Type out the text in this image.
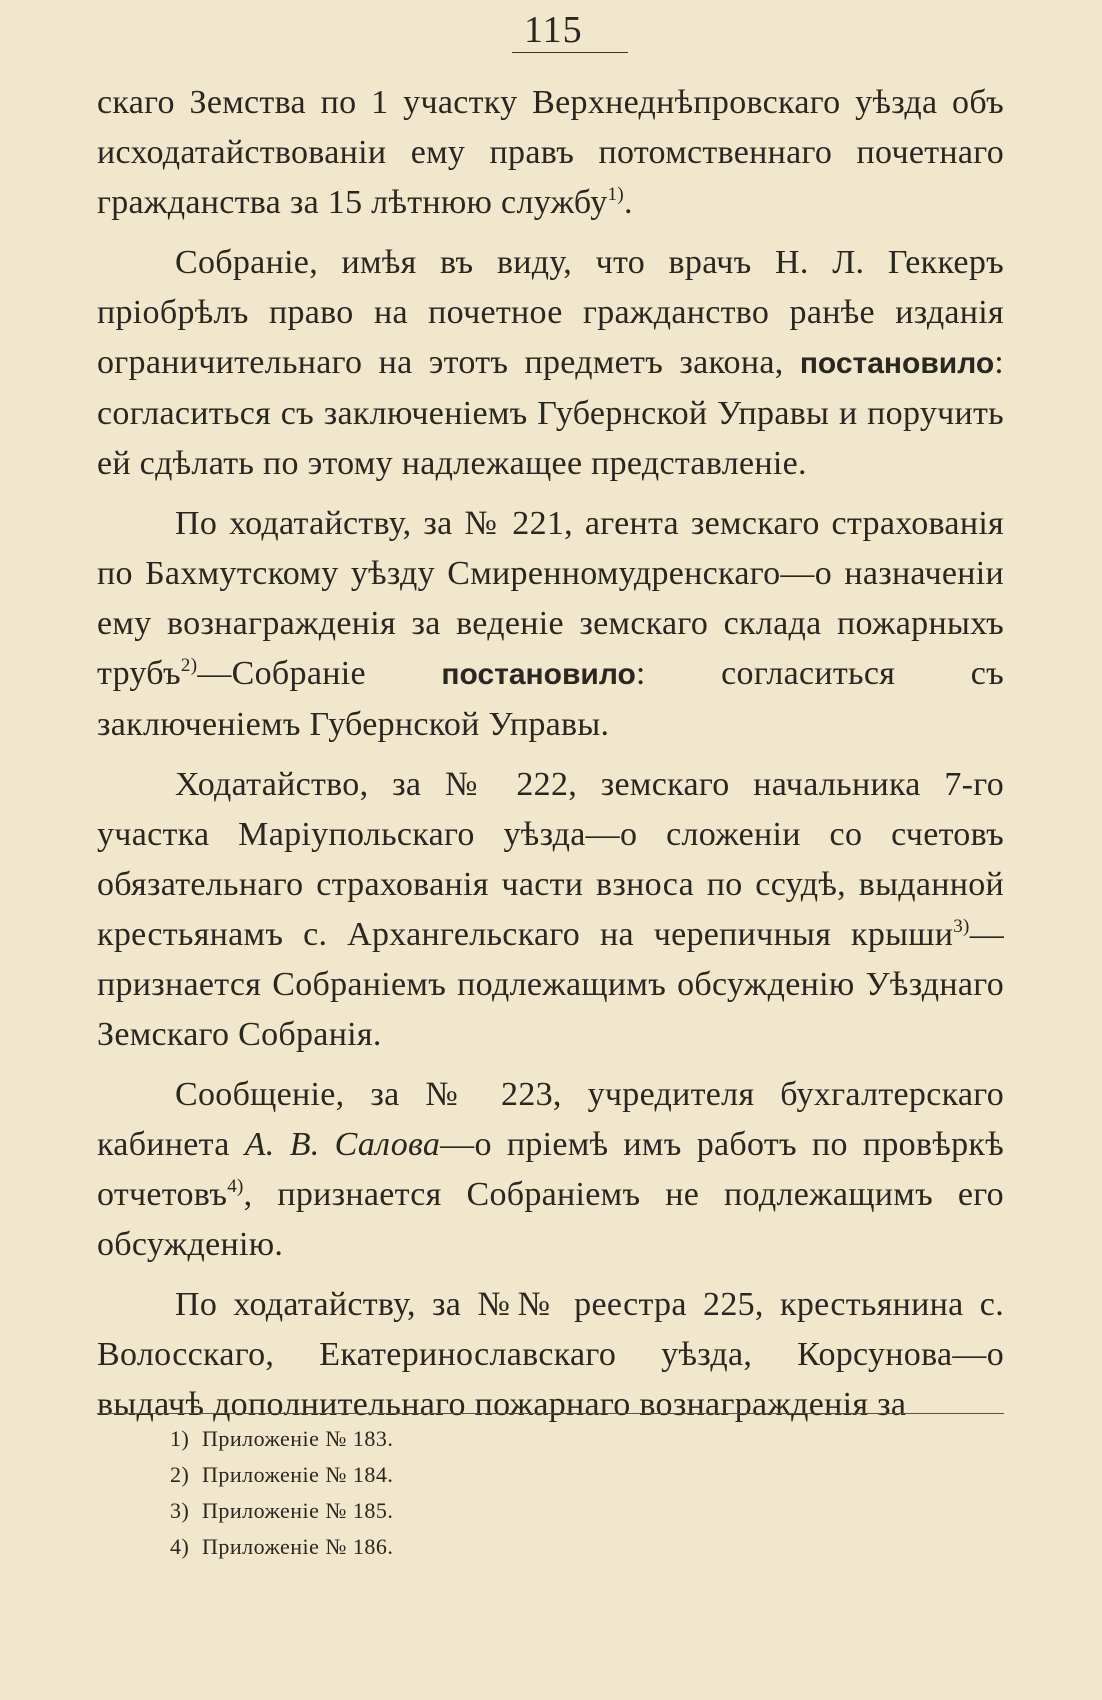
115

скаго Земства по 1 участку Верхнеднѣпровскаго уѣзда объ исходатайствованіи ему правъ потомственнаго почетнаго гражданства за 15 лѣтнюю службу$^{1)}$.

Собраніе, имѣя въ виду, что врачъ Н. Л. Геккеръ пріобрѣлъ право на почетное гражданство ранѣе изданія ограничительнаго на этотъ предметъ закона, постановило: согласиться съ заключеніемъ Губернской Управы и поручить ей сдѣлать по этому надлежащее представленіе.

По ходатайству, за № 221, агента земскаго страхованія по Бахмутскому уѣзду Смиренномудренскаго—о назначеніи ему вознагражденія за веденіе земскаго склада пожарныхъ трубъ$^{2)}$—Собраніе постановило: согласиться съ заключеніемъ Губернской Управы.

Ходатайство, за № 222, земскаго начальника 7-го участка Маріупольскаго уѣзда—о сложеніи со счетовъ обязательнаго страхованія части взноса по ссудѣ, выданной крестьянамъ с. Архангельскаго на черепичныя крыши$^{3)}$—признается Собраніемъ подлежащимъ обсужденію Уѣзднаго Земскаго Собранія.

Сообщеніе, за № 223, учредителя бухгалтерскаго кабинета А. В. Салова—о пріемѣ имъ работъ по провѣркѣ отчетовъ$^{4)}$, признается Собраніемъ не подлежащимъ его обсужденію.

По ходатайству, за №№ реестра 225, крестьянина с. Волосскаго, Екатеринославскаго уѣзда, Корсунова—о выдачѣ дополнительнаго пожарнаго вознагражденія за

1) Приложеніе № 183.
2) Приложеніе № 184.
3) Приложеніе № 185.
4) Приложеніе № 186.
